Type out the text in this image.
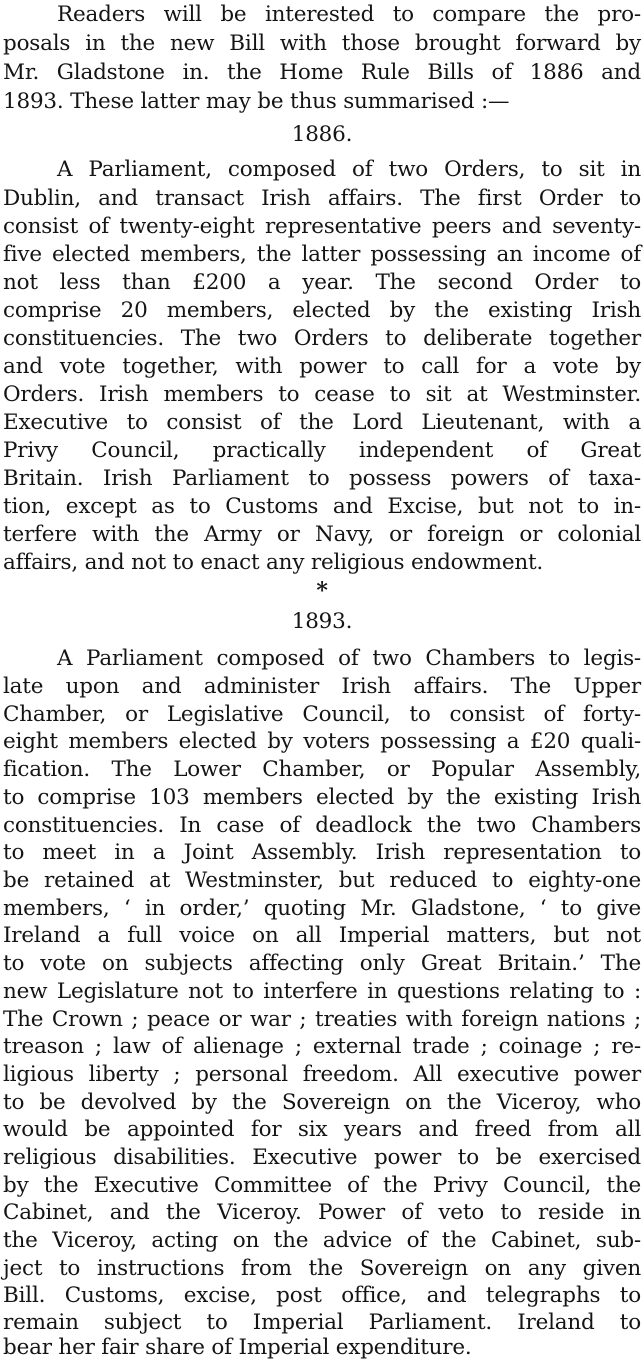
Readers will be interested to compare the pro-
posals in the new Bill with those brought forward by
Mr. Gladstone in. the Home Rule Bills of 1886 and
1893. These latter may be thus summarised :—
1886.
A Parliament, composed of two Orders, to sit in
Dublin, and transact Irish affairs. The first Order to
consist of twenty-eight representative peers and seventy-
five elected members, the latter possessing an income of
not less than £200 a year. The second Order to
comprise 20 members, elected by the existing Irish
constituencies. The two Orders to deliberate together
and vote together, with power to call for a vote by
Orders. Irish members to cease to sit at Westminster.
Executive to consist of the Lord Lieutenant, with a
Privy Council, practically independent of Great
Britain. Irish Parliament to possess powers of taxa-
tion, except as to Customs and Excise, but not to in-
terfere with the Army or Navy, or foreign or colonial
affairs, and not to enact any religious endowment.
*
1893.
A Parliament composed of two Chambers to legis-
late upon and administer Irish affairs. The Upper
Chamber, or Legislative Council, to consist of forty-
eight members elected by voters possessing a £20 quali-
fication. The Lower Chamber, or Popular Assembly,
to comprise 103 members elected by the existing Irish
constituencies. In case of deadlock the two Chambers
to meet in a Joint Assembly. Irish representation to
be retained at Westminster, but reduced to eighty-one
members, ‘ in order,’ quoting Mr. Gladstone, ‘ to give
Ireland a full voice on all Imperial matters, but not
to vote on subjects affecting only Great Britain.’ The
new Legislature not to interfere in questions relating to :
The Crown ; peace or war ; treaties with foreign nations ;
treason ; law of alienage ; external trade ; coinage ; re-
ligious liberty ; personal freedom. All executive power
to be devolved by the Sovereign on the Viceroy, who
would be appointed for six years and freed from all
religious disabilities. Executive power to be exercised
by the Executive Committee of the Privy Council, the
Cabinet, and the Viceroy. Power of veto to reside in
the Viceroy, acting on the advice of the Cabinet, sub-
ject to instructions from the Sovereign on any given
Bill. Customs, excise, post office, and telegraphs to
remain subject to Imperial Parliament. Ireland to
bear her fair share of Imperial expenditure.
